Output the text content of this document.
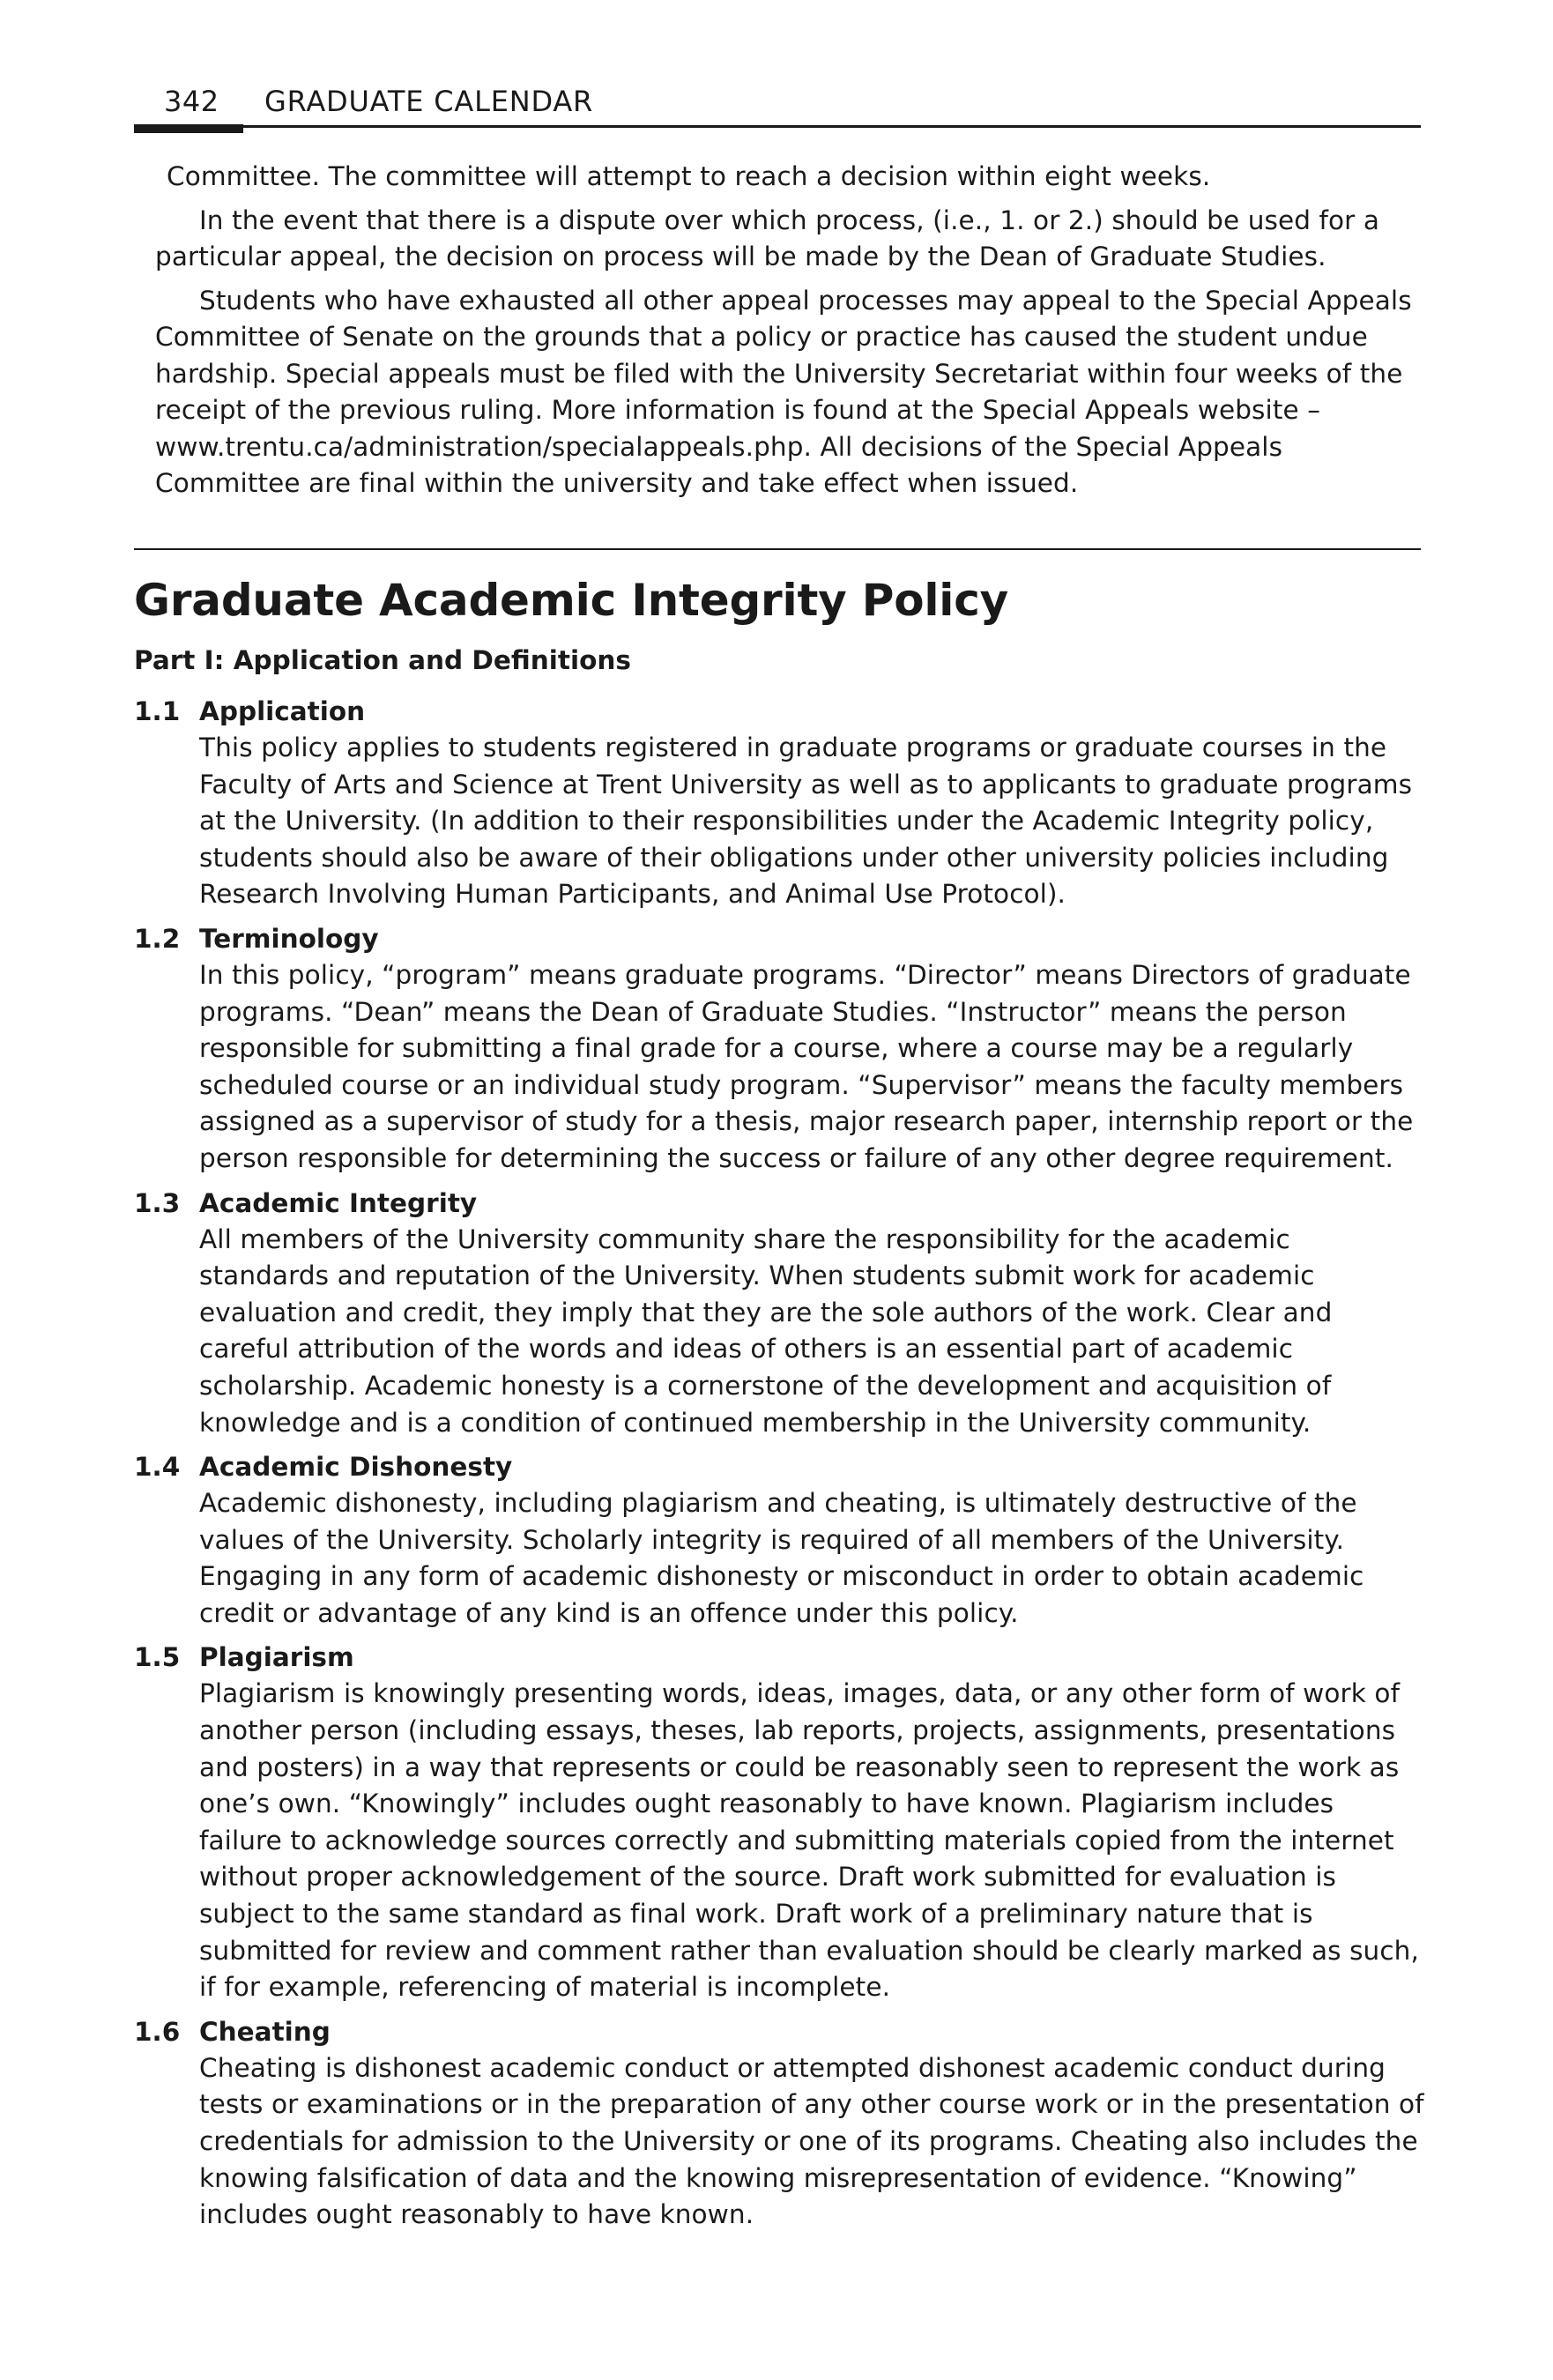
342 GRADUATE CALENDAR

Committee. The committee will attempt to reach a decision within eight weeks.

In the event that there is a dispute over which process, (i.e., 1. or 2.) should be used for a particular appeal, the decision on process will be made by the Dean of Graduate Studies.

Students who have exhausted all other appeal processes may appeal to the Special Appeals Committee of Senate on the grounds that a policy or practice has caused the student undue hardship. Special appeals must be filed with the University Secretariat within four weeks of the receipt of the previous ruling. More information is found at the Special Appeals website – www.trentu.ca/administration/specialappeals.php. All decisions of the Special Appeals Committee are final within the university and take effect when issued.

Graduate Academic Integrity Policy
Part I: Application and Definitions
1.1 Application

This policy applies to students registered in graduate programs or graduate courses in the Faculty of Arts and Science at Trent University as well as to applicants to graduate programs at the University. (In addition to their responsibilities under the Academic Integrity policy, students should also be aware of their obligations under other university policies including Research Involving Human Participants, and Animal Use Protocol).

1.2 Terminology

In this policy, “program” means graduate programs. “Director” means Directors of graduate programs. “Dean” means the Dean of Graduate Studies. “Instructor” means the person responsible for submitting a final grade for a course, where a course may be a regularly scheduled course or an individual study program. “Supervisor” means the faculty members assigned as a supervisor of study for a thesis, major research paper, internship report or the person responsible for determining the success or failure of any other degree requirement.

1.3 Academic Integrity

All members of the University community share the responsibility for the academic standards and reputation of the University. When students submit work for academic evaluation and credit, they imply that they are the sole authors of the work. Clear and careful attribution of the words and ideas of others is an essential part of academic scholarship. Academic honesty is a cornerstone of the development and acquisition of knowledge and is a condition of continued membership in the University community.

1.4 Academic Dishonesty

Academic dishonesty, including plagiarism and cheating, is ultimately destructive of the values of the University. Scholarly integrity is required of all members of the University. Engaging in any form of academic dishonesty or misconduct in order to obtain academic credit or advantage of any kind is an offence under this policy.

1.5 Plagiarism

Plagiarism is knowingly presenting words, ideas, images, data, or any other form of work of another person (including essays, theses, lab reports, projects, assignments, presentations and posters) in a way that represents or could be reasonably seen to represent the work as one’s own. “Knowingly” includes ought reasonably to have known. Plagiarism includes failure to acknowledge sources correctly and submitting materials copied from the internet without proper acknowledgement of the source. Draft work submitted for evaluation is subject to the same standard as final work. Draft work of a preliminary nature that is submitted for review and comment rather than evaluation should be clearly marked as such, if for example, referencing of material is incomplete.

1.6 Cheating

Cheating is dishonest academic conduct or attempted dishonest academic conduct during tests or examinations or in the preparation of any other course work or in the presentation of credentials for admission to the University or one of its programs. Cheating also includes the knowing falsification of data and the knowing misrepresentation of evidence. “Knowing” includes ought reasonably to have known.
